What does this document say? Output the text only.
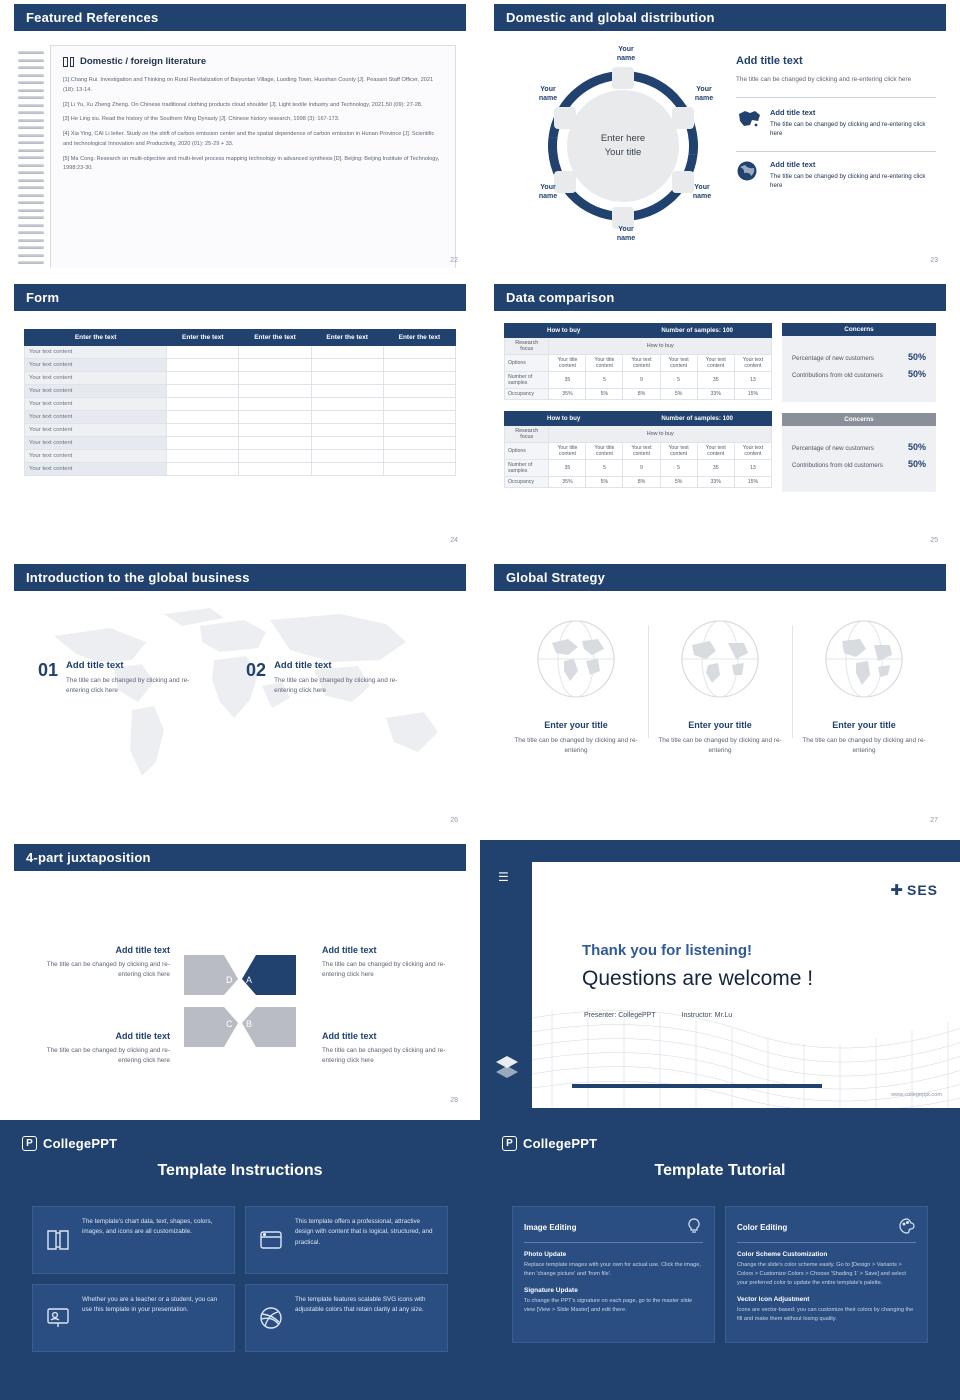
Featured References
Domestic / foreign literature
[1] Chang Rui. Investigation and Thinking on Rural Revitalization of Baiyuntan Village, Luoding Town, Huoshan County [J]. Peasant Staff Officer, 2021 (18): 13-14.
[2] Li Yu, Xu Zheng Zheng. On Chinese traditional clothing products cloud shoulder [J]. Light textile Industry and Technology, 2021,50 (09): 27-28.
[3] He Ling xiu. Read the history of the Southern Ming Dynasty [J]. Chinese history research, 1998 (3): 167-173.
[4] Xia Ying, CAI Li letter. Study on the shift of carbon emission center and the spatial dependence of carbon emission in Hunan Province [J]. Scientific and technological Innovation and Productivity, 2020 (01): 25-29 + 33.
[5] Ma Cong. Research on multi-objective and multi-level process mapping technology in advanced synthesis [D]. Beijing: Beijing Institute of Technology, 1998:23-30.
22
Domestic and global distribution
Enter here
Your title
Your
name
Your
name
Your
name
Your
name
Your
name
Your
name
Add title text
The title can be changed by clicking and re-entering click here
Add title text
The title can be changed by clicking and re-entering click here
Add title text
The title can be changed by clicking and re-entering click here
23
Form
Enter the text	Enter the text	Enter the text	Enter the text	Enter the text
Your text content				
Your text content				
Your text content				
Your text content				
Your text content				
Your text content				
Your text content				
Your text content				
Your text content				
Your text content				
24
Data comparison
How to buy			Number of samples: 100			
Research focus	How to buy					
Options	Your title content	Your title content	Your text content	Your text content	Your text content	Your text content
Number of samples	35	5	9	5	35	13
Occupancy	35%	5%	8%	5%	33%	15%
How to buy			Number of samples: 100			
Research focus	How to buy					
Options	Your title content	Your title content	Your text content	Your text content	Your text content	Your text content
Number of samples	35	5	9	5	35	13
Occupancy	35%	5%	8%	5%	33%	15%
Concerns
Percentage of new customers	50%
Contributions from old customers	50%
Concerns
Percentage of new customers	50%
Contributions from old customers	50%
25
Introduction to the global business
01 Add title text
The title can be changed by clicking and re-entering click here
02 Add title text
The title can be changed by clicking and re-entering click here
26
Global Strategy
Enter your title
The title can be changed by clicking and re-entering
Enter your title
The title can be changed by clicking and re-entering
Enter your title
The title can be changed by clicking and re-entering
27
4-part juxtaposition
D A
C B
Add title text
The title can be changed by clicking and re-entering click here
Add title text
The title can be changed by clicking and re-entering click here
Add title text
The title can be changed by clicking and re-entering click here
Add title text
The title can be changed by clicking and re-entering click here
28
☰
✚ SES
Thank you for listening!
Questions are welcome !
Presenter: CollegePPT	Instructor: Mr.Lu
www.collegeppt.com
P CollegePPT
Template Instructions
The template's chart data, text, shapes, colors, images, and icons are all customizable.
This template offers a professional, attractive design with content that is logical, structured, and practical.
Whether you are a teacher or a student, you can use this template in your presentation.
The template features scalable SVG icons with adjustable colors that retain clarity at any size.
P CollegePPT
Template Tutorial
Image Editing
Photo Update

Replace template images with your own for actual use. Click the image, then 'change picture' and 'from file'.

Signature Update

To change the PPT's signature on each page, go to the master slide view [View > Slide Master] and edit there.

Color Editing
Color Scheme Customization

Change the slide's color scheme easily. Go to [Design > Variants > Colors > Customize Colors > Choose 'Shading 1' > Save] and select your preferred color to update the entire template's palette.

Vector Icon Adjustment

Icons are vector-based: you can customize their colors by changing the fill and make them without losing quality.
